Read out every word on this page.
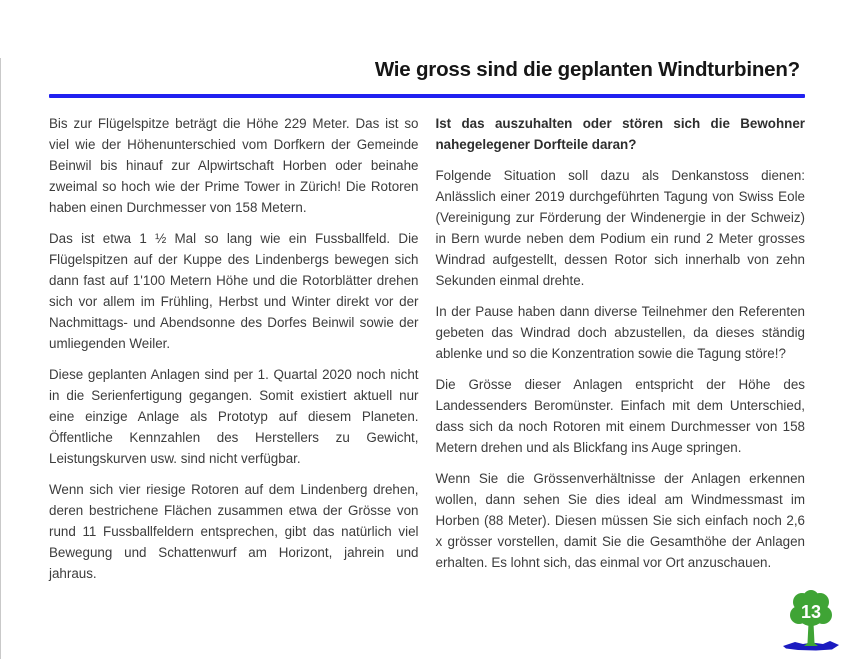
Wie gross sind die geplanten Windturbinen?

Bis zur Flügelspitze beträgt die Höhe 229 Meter. Das ist so viel wie der Höhenunterschied vom Dorfkern der Gemeinde Beinwil bis hinauf zur Alpwirtschaft Horben oder beinahe zweimal so hoch wie der Prime Tower in Zürich! Die Rotoren haben einen Durchmesser von 158 Metern.

Das ist etwa 1 ½ Mal so lang wie ein Fussballfeld. Die Flügelspitzen auf der Kuppe des Lindenbergs bewegen sich dann fast auf 1'100 Metern Höhe und die Rotorblätter drehen sich vor allem im Frühling, Herbst und Winter direkt vor der Nachmittags- und Abendsonne des Dorfes Beinwil sowie der umliegenden Weiler.

Diese geplanten Anlagen sind per 1. Quartal 2020 noch nicht in die Serienfertigung gegangen. Somit existiert aktuell nur eine einzige Anlage als Prototyp auf diesem Planeten. Öffentliche Kennzahlen des Herstellers zu Gewicht, Leistungskurven usw. sind nicht verfügbar.

Wenn sich vier riesige Rotoren auf dem Lindenberg drehen, deren bestrichene Flächen zusammen etwa der Grösse von rund 11 Fussballfeldern entsprechen, gibt das natürlich viel Bewegung und Schattenwurf am Horizont, jahrein und jahraus.

Ist das auszuhalten oder stören sich die Bewohner nahegelegener Dorfteile daran?

Folgende Situation soll dazu als Denkanstoss dienen: Anlässlich einer 2019 durchgeführten Tagung von Swiss Eole (Vereinigung zur Förderung der Windenergie in der Schweiz) in Bern wurde neben dem Podium ein rund 2 Meter grosses Windrad aufgestellt, dessen Rotor sich innerhalb von zehn Sekunden einmal drehte.

In der Pause haben dann diverse Teilnehmer den Referenten gebeten das Windrad doch abzustellen, da dieses ständig ablenke und so die Konzentration sowie die Tagung störe!?

Die Grösse dieser Anlagen entspricht der Höhe des Landessenders Beromünster. Einfach mit dem Unterschied, dass sich da noch Rotoren mit einem Durchmesser von 158 Metern drehen und als Blickfang ins Auge springen.

Wenn Sie die Grössenverhältnisse der Anlagen erkennen wollen, dann sehen Sie dies ideal am Windmessmast im Horben (88 Meter). Diesen müssen Sie sich einfach noch 2,6 x grösser vorstellen, damit Sie die Gesamthöhe der Anlagen erhalten. Es lohnt sich, das einmal vor Ort anzuschauen.

13
